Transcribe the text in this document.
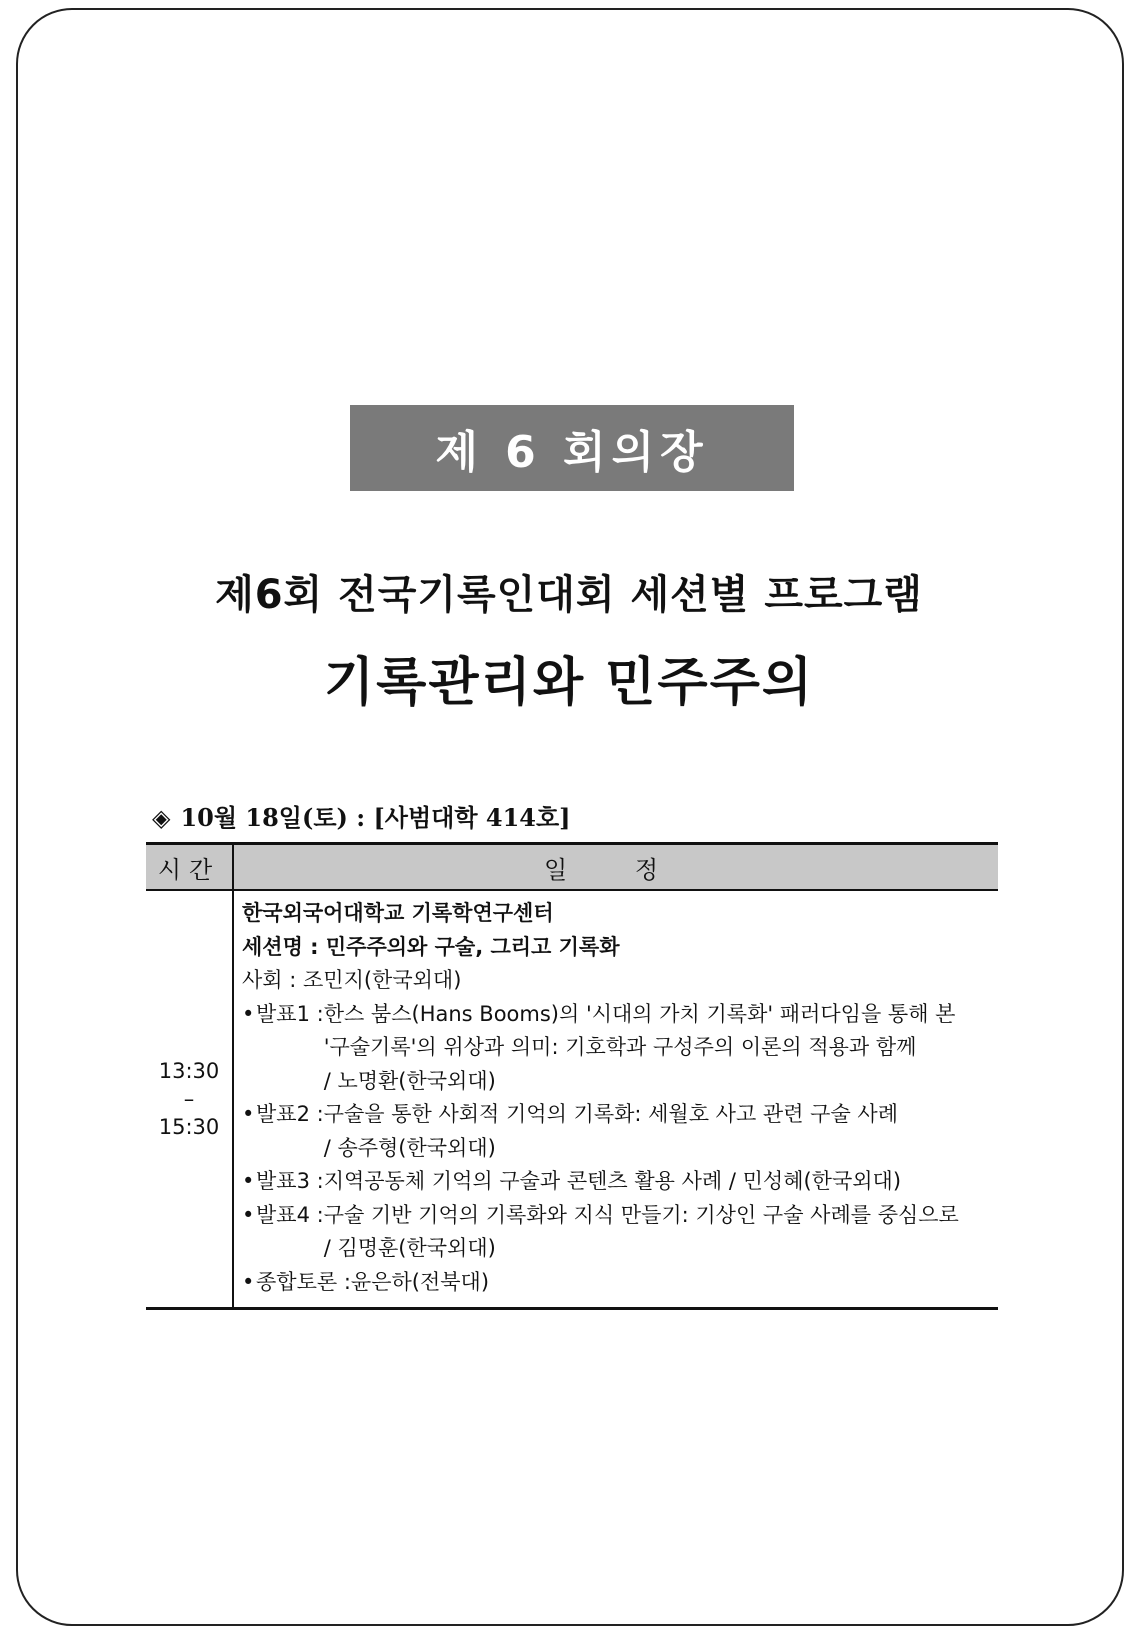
제 6 회의장
제6회 전국기록인대회 세션별 프로그램
기록관리와 민주주의
◈ 10월 18일(토) : [사범대학 414호]
시간	일 정
13:30
–
15:30
한국외국어대학교 기록학연구센터
세션명 : 민주주의와 구술, 그리고 기록화
사회 : 조민지(한국외대)
• 발표1 : 한스 붐스(Hans Booms)의 '시대의 가치 기록화' 패러다임을 통해 본
'구술기록'의 위상과 의미: 기호학과 구성주의 이론의 적용과 함께
/ 노명환(한국외대)
• 발표2 : 구술을 통한 사회적 기억의 기록화: 세월호 사고 관련 구술 사례
/ 송주형(한국외대)
• 발표3 : 지역공동체 기억의 구술과 콘텐츠 활용 사례 / 민성혜(한국외대)
• 발표4 : 구술 기반 기억의 기록화와 지식 만들기: 기상인 구술 사례를 중심으로
/ 김명훈(한국외대)
• 종합토론 : 윤은하(전북대)
